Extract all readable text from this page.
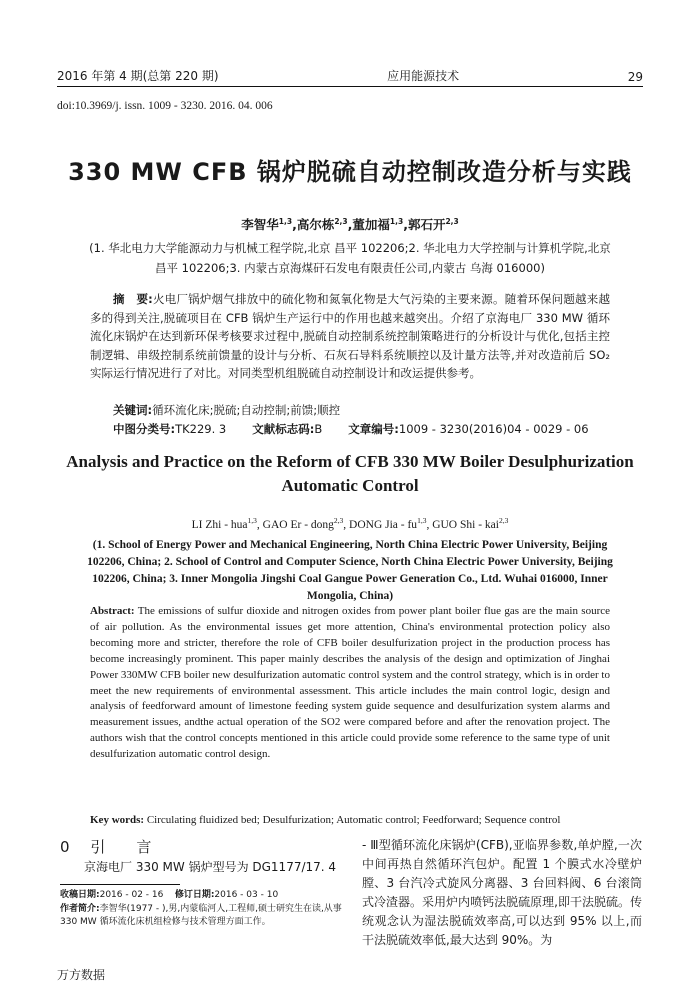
2016 年第 4 期(总第 220 期)	应用能源技术	29
doi:10.3969/j. issn. 1009 - 3230. 2016. 04. 006
330 MW CFB 锅炉脱硫自动控制改造分析与实践
李智华$^{1,3}$,高尔栋$^{2,3}$,董加福$^{1,3}$,郭石开$^{2,3}$
(1. 华北电力大学能源动力与机械工程学院,北京 昌平 102206;2. 华北电力大学控制与计算机学院,北京 昌平 102206;3. 内蒙古京海煤矸石发电有限责任公司,内蒙古 乌海 016000)
摘　要:火电厂锅炉烟气排放中的硫化物和氮氧化物是大气污染的主要来源。随着环保问题越来越多的得到关注,脱硫项目在 CFB 锅炉生产运行中的作用也越来越突出。介绍了京海电厂 330 MW 循环流化床锅炉在达到新环保考核要求过程中,脱硫自动控制系统控制策略进行的分析设计与优化,包括主控制逻辑、串级控制系统前馈量的设计与分析、石灰石导料系统顺控以及计量方法等,并对改造前后 SO₂ 实际运行情况进行了对比。对同类型机组脱硫自动控制设计和改运提供参考。
关键词:循环流化床;脱硫;自动控制;前馈;顺控
中图分类号:TK229. 3 文献标志码:B 文章编号:1009 - 3230(2016)04 - 0029 - 06
Analysis and Practice on the Reform of CFB 330 MW Boiler Desulphurization Automatic Control
LI Zhi - hua$^{1,3}$, GAO Er - dong$^{2,3}$, DONG Jia - fu$^{1,3}$, GUO Shi - kai$^{2,3}$
(1. School of Energy Power and Mechanical Engineering, North China Electric Power University, Beijing 102206, China; 2. School of Control and Computer Science, North China Electric Power University, Beijing 102206, China; 3. Inner Mongolia Jingshi Coal Gangue Power Generation Co., Ltd. Wuhai 016000, Inner Mongolia, China)
Abstract: The emissions of sulfur dioxide and nitrogen oxides from power plant boiler flue gas are the main source of air pollution. As the environmental issues get more attention, China's environmental protection policy also becoming more and stricter, therefore the role of CFB boiler desulfurization project in the production process has become increasingly prominent. This paper mainly describes the analysis of the design and optimization of Jinghai Power 330MW CFB boiler new desulfurization automatic control system and the control strategy, which is in order to meet the new requirements of environmental assessment. This article includes the main control logic, design and analysis of feedforward amount of limestone feeding system guide sequence and desulfurization system alarms and measurement issues, andthe actual operation of the SO2 were compared before and after the renovation project. The authors wish that the control concepts mentioned in this article could provide some reference to the same type of unit desulfurization automatic control design.
Key words: Circulating fluidized bed; Desulfurization; Automatic control; Feedforward; Sequence control
0 引　言
京海电厂 330 MW 锅炉型号为 DG1177/17. 4
收稿日期:2016 - 02 - 16 修订日期:2016 - 03 - 10
作者简介:李智华(1977 - ),男,内蒙临河人,工程师,硕士研究生在读,从事 330 MW 循环流化床机组检修与技术管理方面工作。
- Ⅲ型循环流化床锅炉(CFB),亚临界参数,单炉膛,一次中间再热自然循环汽包炉。配置 1 个膜式水冷壁炉膛、3 台汽冷式旋风分离器、3 台回料阀、6 台滚筒式冷渣器。采用炉内喷钙法脱硫原理,即干法脱硫。传统观念认为湿法脱硫效率高,可以达到 95% 以上,而干法脱硫效率低,最大达到 90%。为
万方数据
